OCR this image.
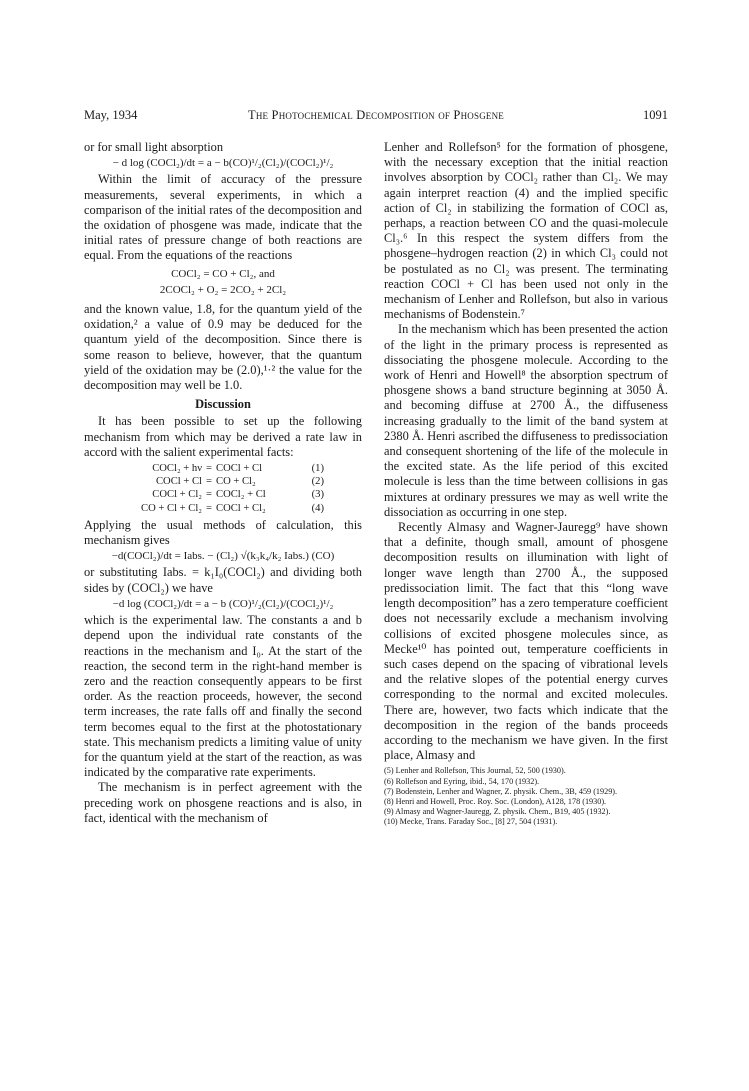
May, 1934	The Photochemical Decomposition of Phosgene	1091

or for small light absorption

− d log (COCl₂)/dt = a − b(CO)¹/₂(Cl₂)/(COCl₂)¹/₂

Within the limit of accuracy of the pressure measurements, several experiments, in which a comparison of the initial rates of the decomposition and the oxidation of phosgene was made, indicate that the initial rates of pressure change of both reactions are equal. From the equations of the reactions

COCl₂ = CO + Cl₂, and
2COCl₂ + O₂ = 2CO₂ + 2Cl₂

and the known value, 1.8, for the quantum yield of the oxidation,² a value of 0.9 may be deduced for the quantum yield of the decomposition. Since there is some reason to believe, however, that the quantum yield of the oxidation may be (2.0),¹·² the value for the decomposition may well be 1.0.

Discussion

It has been possible to set up the following mechanism from which may be derived a rate law in accord with the salient experimental facts:

COCl₂ + hν = COCl + Cl	(1)
COCl + Cl = CO + Cl₂	(2)
COCl + Cl₂ = COCl₂ + Cl	(3)
CO + Cl + Cl₂ = COCl + Cl₂	(4)

Applying the usual methods of calculation, this mechanism gives

−d(COCl₂)/dt = Iabs. − (Cl₂) √(k₃k₄/k₂ Iabs.) (CO)

or substituting Iabs. = k₁I₀(COCl₂) and dividing both sides by (COCl₂) we have

−d log (COCl₂)/dt = a − b (CO)¹/₂(Cl₂)/(COCl₂)¹/₂

which is the experimental law. The constants a and b depend upon the individual rate constants of the reactions in the mechanism and I₀. At the start of the reaction, the second term in the right-hand member is zero and the reaction consequently appears to be first order. As the reaction proceeds, however, the second term increases, the rate falls off and finally the second term becomes equal to the first at the photostationary state. This mechanism predicts a limiting value of unity for the quantum yield at the start of the reaction, as was indicated by the comparative rate experiments.

The mechanism is in perfect agreement with the preceding work on phosgene reactions and is also, in fact, identical with the mechanism of

Lenher and Rollefson⁵ for the formation of phosgene, with the necessary exception that the initial reaction involves absorption by COCl₂ rather than Cl₂. We may again interpret reaction (4) and the implied specific action of Cl₂ in stabilizing the formation of COCl as, perhaps, a reaction between CO and the quasi-molecule Cl₃.⁶ In this respect the system differs from the phosgene–hydrogen reaction (2) in which Cl₃ could not be postulated as no Cl₂ was present. The terminating reaction COCl + Cl has been used not only in the mechanism of Lenher and Rollefson, but also in various mechanisms of Bodenstein.⁷

In the mechanism which has been presented the action of the light in the primary process is represented as dissociating the phosgene molecule. According to the work of Henri and Howell⁸ the absorption spectrum of phosgene shows a band structure beginning at 3050 Å. and becoming diffuse at 2700 Å., the diffuseness increasing gradually to the limit of the band system at 2380 Å. Henri ascribed the diffuseness to predissociation and consequent shortening of the life of the molecule in the excited state. As the life period of this excited molecule is less than the time between collisions in gas mixtures at ordinary pressures we may as well write the dissociation as occurring in one step.

Recently Almasy and Wagner-Jauregg⁹ have shown that a definite, though small, amount of phosgene decomposition results on illumination with light of longer wave length than 2700 Å., the supposed predissociation limit. The fact that this “long wave length decomposition” has a zero temperature coefficient does not necessarily exclude a mechanism involving collisions of excited phosgene molecules since, as Mecke¹⁰ has pointed out, temperature coefficients in such cases depend on the spacing of vibrational levels and the relative slopes of the potential energy curves corresponding to the normal and excited molecules. There are, however, two facts which indicate that the decomposition in the region of the bands proceeds according to the mechanism we have given. In the first place, Almasy and

(5) Lenher and Rollefson, This Journal, 52, 500 (1930).
(6) Rollefson and Eyring, ibid., 54, 170 (1932).
(7) Bodenstein, Lenher and Wagner, Z. physik. Chem., 3B, 459 (1929).
(8) Henri and Howell, Proc. Roy. Soc. (London), A128, 178 (1930).
(9) Almasy and Wagner-Jauregg, Z. physik. Chem., B19, 405 (1932).
(10) Mecke, Trans. Faraday Soc., [8] 27, 504 (1931).
